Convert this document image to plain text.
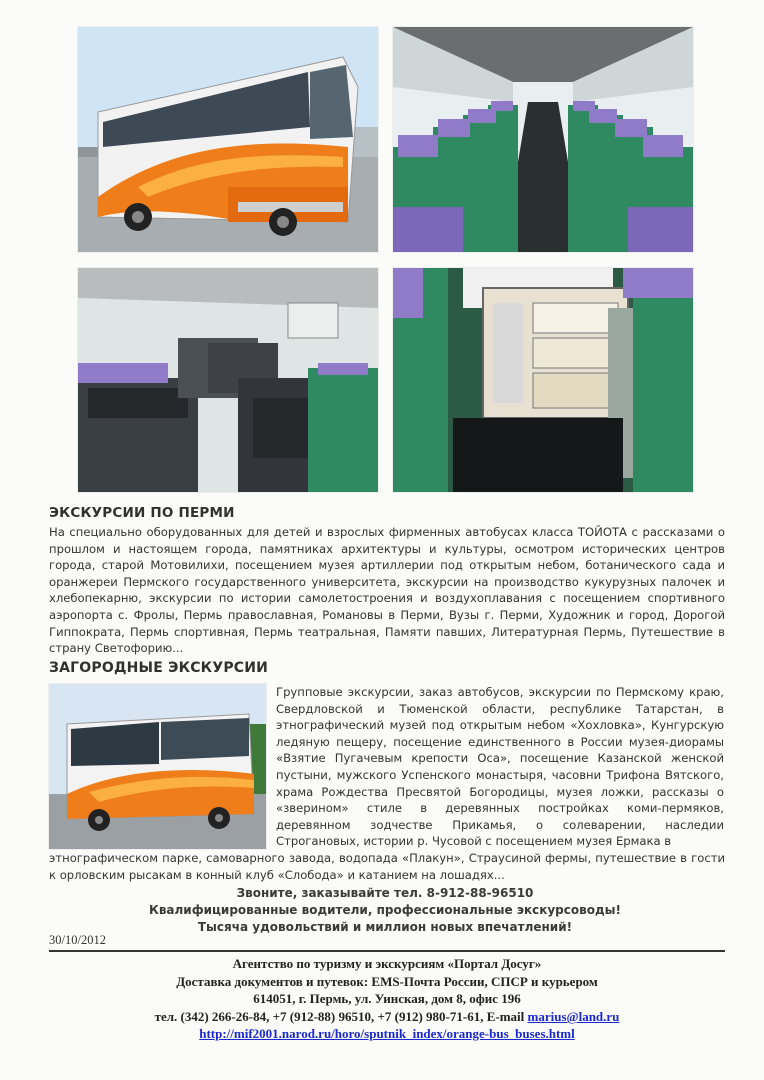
ЭКСКУРСИИ ПО ПЕРМИ
На специально оборудованных для детей и взрослых фирменных автобусах класса ТОЙОТА с рассказами о прошлом и настоящем города, памятниках архитектуры и культуры, осмотром исторических центров города, старой Мотовилихи, посещением музея артиллерии под открытым небом, ботанического сада и оранжереи Пермского государственного университета, экскурсии на производство кукурузных палочек и хлебопекарню, экскурсии по истории самолетостроения и воздухоплавания с посещением спортивного аэропорта с. Фролы, Пермь православная, Романовы в Перми, Вузы г. Перми, Художник и город, Дорогой Гиппократа, Пермь спортивная, Пермь театральная, Памяти павших, Литературная Пермь, Путешествие в страну Светофорию...
ЗАГОРОДНЫЕ ЭКСКУРСИИ
Групповые экскурсии, заказ автобусов, экскурсии по Пермскому краю, Свердловской и Тюменской области, республике Татарстан, в этнографический музей под открытым небом «Хохловка», Кунгурскую ледяную пещеру, посещение единственного в России музея-диорамы «Взятие Пугачевым крепости Оса», посещение Казанской женской пустыни, мужского Успенского монастыря, часовни Трифона Вятского, храма Рождества Пресвятой Богородицы, музея ложки, рассказы о «зверином» стиле в деревянных постройках коми-пермяков, деревянном зодчестве Прикамья, о солеварении, наследии Строгановых, истории р. Чусовой с посещением музея Ермака в
этнографическом парке, самоварного завода, водопада «Плакун», Страусиной фермы, путешествие в гости к орловским рысакам в конный клуб «Слобода» и катанием на лошадях...
Звоните, заказывайте тел. 8-912-88-96510
Квалифицированные водители, профессиональные экскурсоводы!
Тысяча удовольствий и миллион новых впечатлений!
30/10/2012
Агентство по туризму и экскурсиям «Портал Досуг»
Доставка документов и путевок: EMS-Почта России, СПСР и курьером
614051, г. Пермь, ул. Уинская, дом 8, офис 196
тел. (342) 266-26-84, +7 (912-88) 96510, +7 (912) 980-71-61, E-mail marius@land.ru
http://mif2001.narod.ru/horo/sputnik_index/orange-bus_buses.html
